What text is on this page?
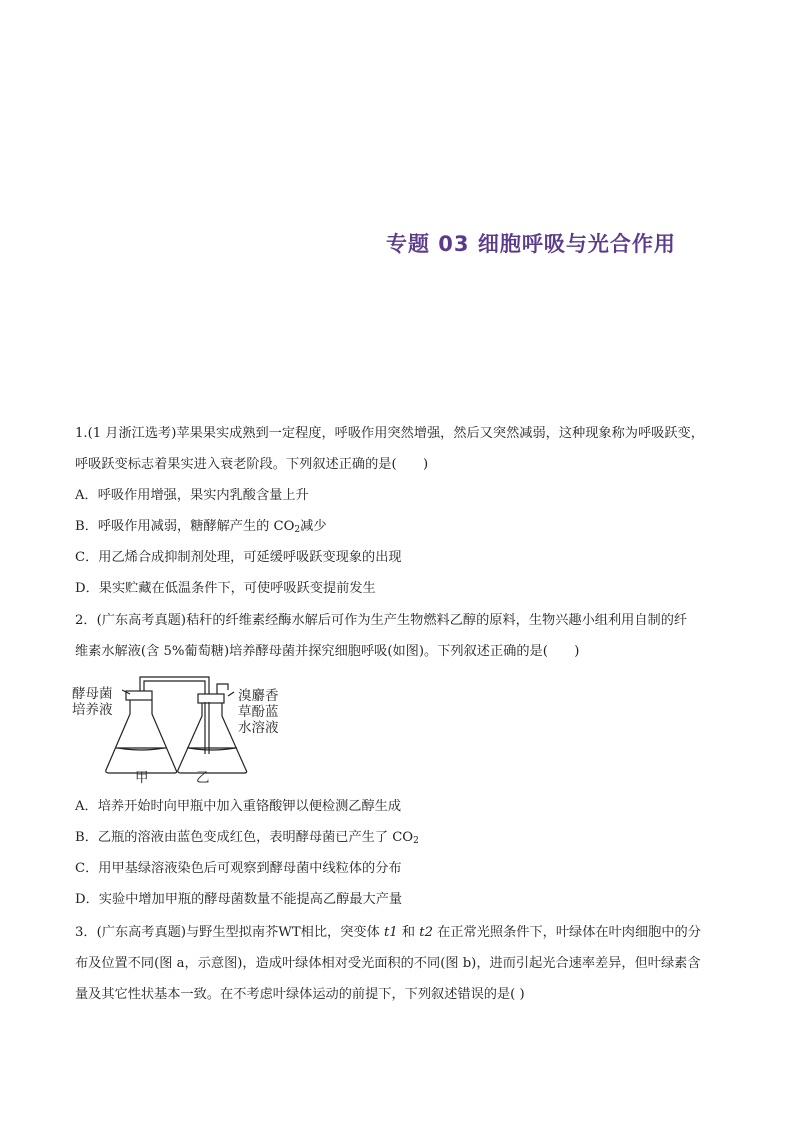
专题 03 细胞呼吸与光合作用
1.(1 月浙江选考)苹果果实成熟到一定程度，呼吸作用突然增强，然后又突然减弱，这种现象称为呼吸跃变，
呼吸跃变标志着果实进入衰老阶段。下列叙述正确的是(　　)
A．呼吸作用增强，果实内乳酸含量上升
B．呼吸作用减弱，糖酵解产生的 $CO_2$减少
C．用乙烯合成抑制剂处理，可延缓呼吸跃变现象的出现
D．果实贮藏在低温条件下，可使呼吸跃变提前发生
2．(广东高考真题)秸秆的纤维素经酶水解后可作为生产生物燃料乙醇的原料，生物兴趣小组利用自制的纤
维素水解液(含 5%葡萄糖)培养酵母菌并探究细胞呼吸(如图)。下列叙述正确的是(　　)
酵母菌
培养液
溴麝香
草酚蓝
水溶液
甲	乙
A．培养开始时向甲瓶中加入重铬酸钾以便检测乙醇生成
B．乙瓶的溶液由蓝色变成红色，表明酵母菌已产生了 $CO_2$
C．用甲基绿溶液染色后可观察到酵母菌中线粒体的分布
D．实验中增加甲瓶的酵母菌数量不能提高乙醇最大产量
3．(广东高考真题)与野生型拟南芥WT相比，突变体 t1 和 t2 在正常光照条件下，叶绿体在叶肉细胞中的分
布及位置不同(图 a，示意图)，造成叶绿体相对受光面积的不同(图 b)，进而引起光合速率差异，但叶绿素含
量及其它性状基本一致。在不考虑叶绿体运动的前提下，下列叙述错误的是( )
